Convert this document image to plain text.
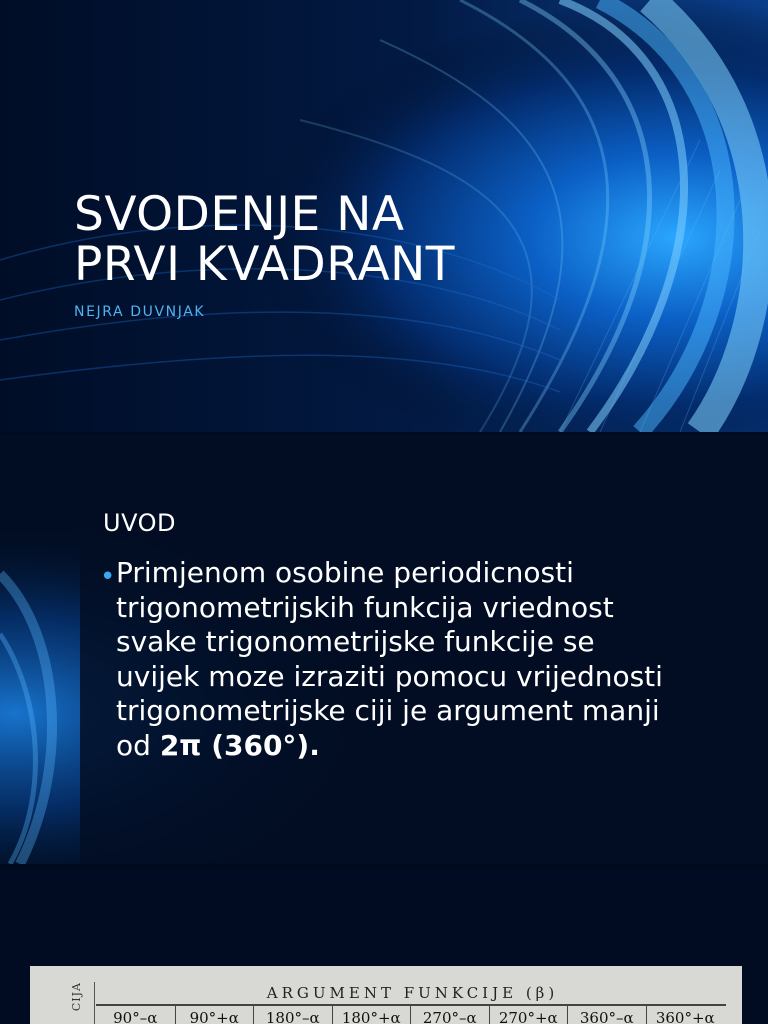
SVODENJE NA
PRVI KVADRANT

NEJRA DUVNJAK

• Primjenom osobine periodicnosti trigonometrijskih funkcija vriednost svake trigonometrijske funkcije se uvijek moze izraziti pomocu vrijednosti trigonometrijske ciji je argument manji od 2π (360°).

UVOD
CIJA	ARGUMENT FUNKCIJE (β)
90°–α	90°+α	180°–α	180°+α	270°–α	270°+α	360°–α	360°+α
